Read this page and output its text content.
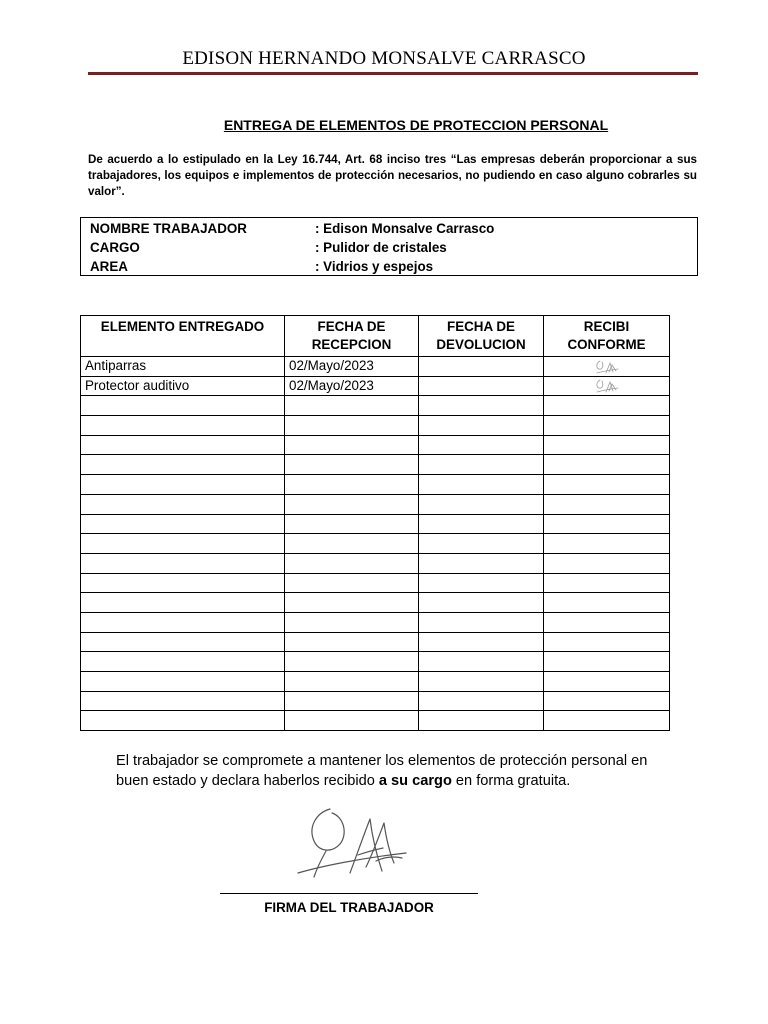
EDISON HERNANDO MONSALVE CARRASCO
ENTREGA DE ELEMENTOS DE PROTECCION PERSONAL
De acuerdo a lo estipulado en la Ley 16.744, Art. 68 inciso tres “Las empresas deberán proporcionar a sus trabajadores, los equipos e implementos de protección necesarios, no pudiendo en caso alguno cobrarles su valor”.
NOMBRE TRABAJADOR	: Edison Monsalve Carrasco
CARGO	: Pulidor de cristales
AREA	: Vidrios y espejos
ELEMENTO ENTREGADO	FECHA DE RECEPCION	FECHA DE DEVOLUCION	RECIBI CONFORME
Antiparras	02/Mayo/2023		
Protector auditivo	02/Mayo/2023		

El trabajador se compromete a mantener los elementos de protección personal en buen estado y declara haberlos recibido a su cargo en forma gratuita.
FIRMA DEL TRABAJADOR
